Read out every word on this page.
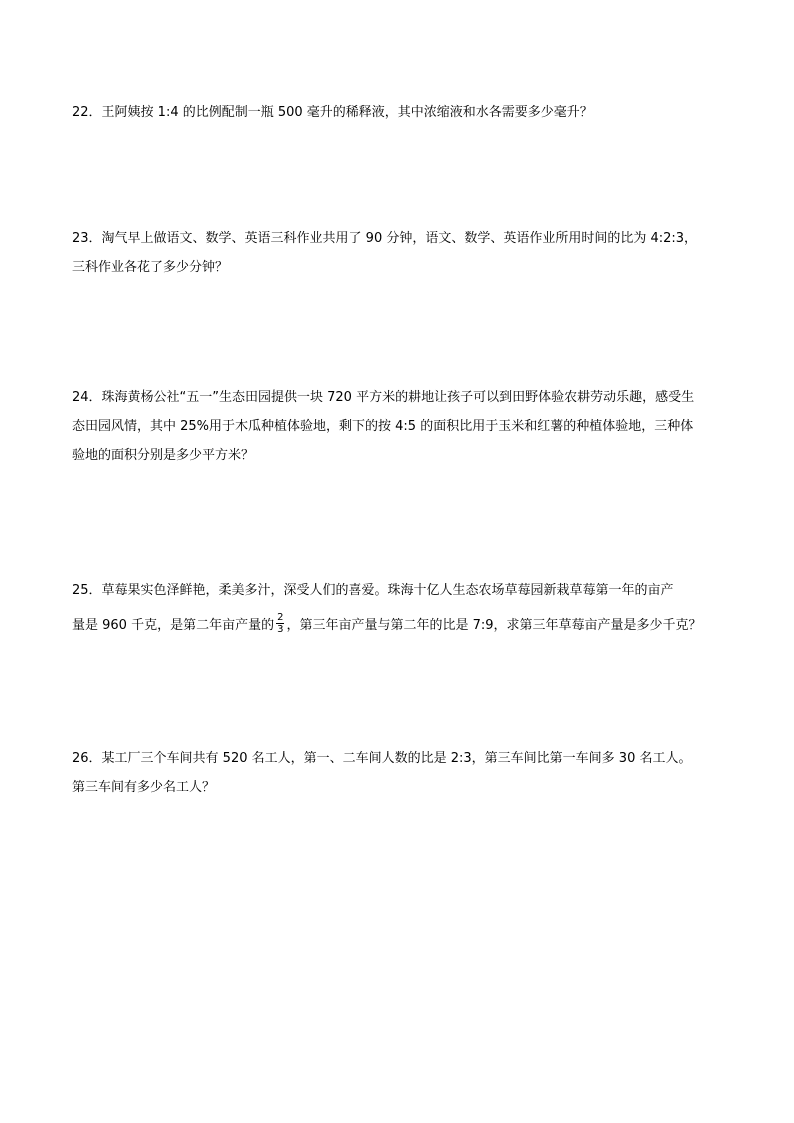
22．王阿姨按 1:4 的比例配制一瓶 500 毫升的稀释液，其中浓缩液和水各需要多少毫升？
23．淘气早上做语文、数学、英语三科作业共用了 90 分钟，语文、数学、英语作业所用时间的比为 4:2:3，
三科作业各花了多少分钟？
24．珠海黄杨公社“五一”生态田园提供一块 720 平方米的耕地让孩子可以到田野体验农耕劳动乐趣，感受生
态田园风情，其中 25%用于木瓜种植体验地，剩下的按 4:5 的面积比用于玉米和红薯的种植体验地，三种体
验地的面积分别是多少平方米？
25．草莓果实色泽鲜艳，柔美多汁，深受人们的喜爱。珠海十亿人生态农场草莓园新栽草莓第一年的亩产
量是 960 千克，是第二年亩产量的 $\frac{2}{3}$ ，第三年亩产量与第二年的比是 7:9，求第三年草莓亩产量是多少千克？
26．某工厂三个车间共有 520 名工人，第一、二车间人数的比是 2:3，第三车间比第一车间多 30 名工人。
第三车间有多少名工人？
